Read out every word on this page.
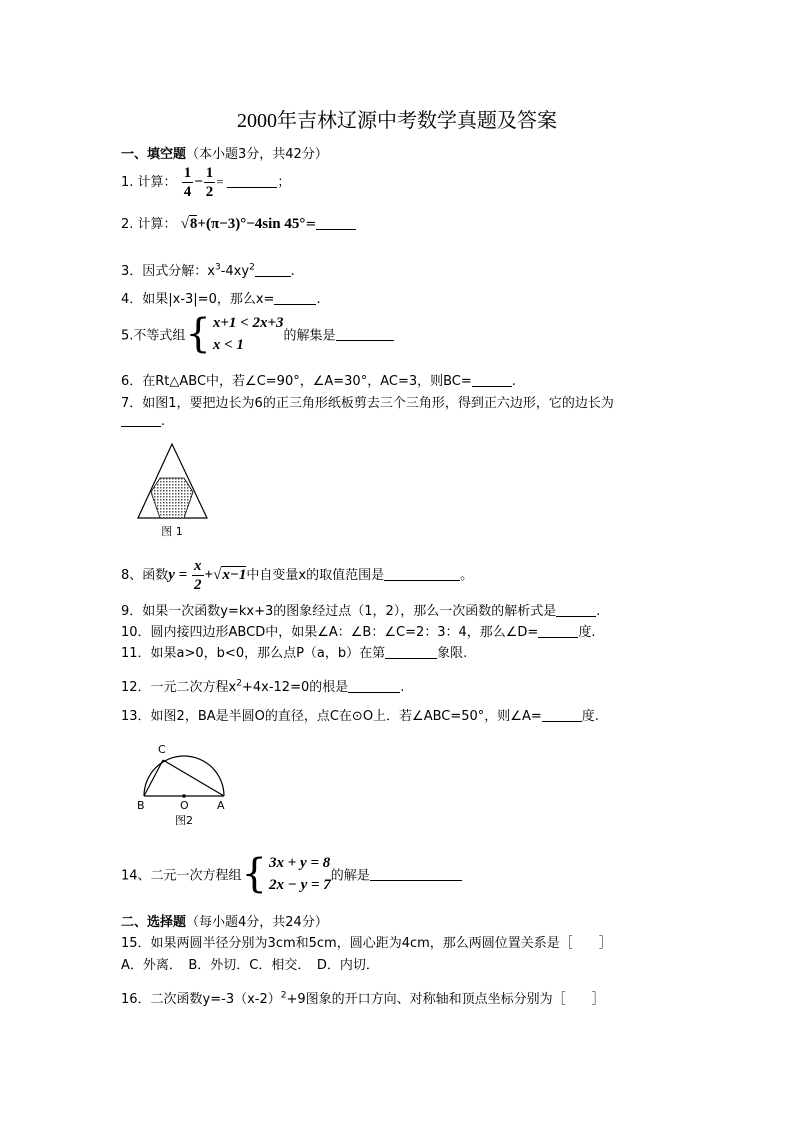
2000年吉林辽源中考数学真题及答案
一、填空题（本小题3分，共42分）
1. 计算： $\frac{1}{4} - \frac{1}{2}$ =	；
2. 计算： √8+(π−3)°−4sin 45°=
3．因式分解：$x^3-4xy^2$	.
4．如果|x-3|=0，那么x=	.
5.不等式组{ x+1 < 2x+3
x < 1
的解集是
6．在Rt△ABC中，若∠C=90°，∠A=30°，AC=3，则BC=	.
7．如图1，要把边长为6的正三角形纸板剪去三个三角形，得到正六边形，它的边长为
.
图 1
8、函数$y = \frac{x}{2} +√x-1$中自变量x的取值范围是	。
9．如果一次函数y=kx+3的图象经过点（1，2），那么一次函数的解析式是	.
10．圆内接四边形ABCD中，如果∠A：∠B：∠C=2：3：4，那么∠D=	度.
11．如果a>0，b<0，那么点P（a，b）在第	象限.
12．一元二次方程$x^2+4x-12=0$的根是	.
13．如图2，BA是半圆O的直径，点C在⊙O上．若∠ABC=50°，则∠A=	度.
C
B	O	A
图2
14、二元一次方程组{ 3x + y = 8
2x − y = 7
的解是
二、选择题（每小题4分，共24分）
15．如果两圆半径分别为3cm和5cm，圆心距为4cm，那么两圆位置关系是［　　］
A．外离．　B．外切．C．相交．　D．内切．
16．二次函数$y=-3(x-2)^2+9$图象的开口方向、对称轴和顶点坐标分别为［　　］
